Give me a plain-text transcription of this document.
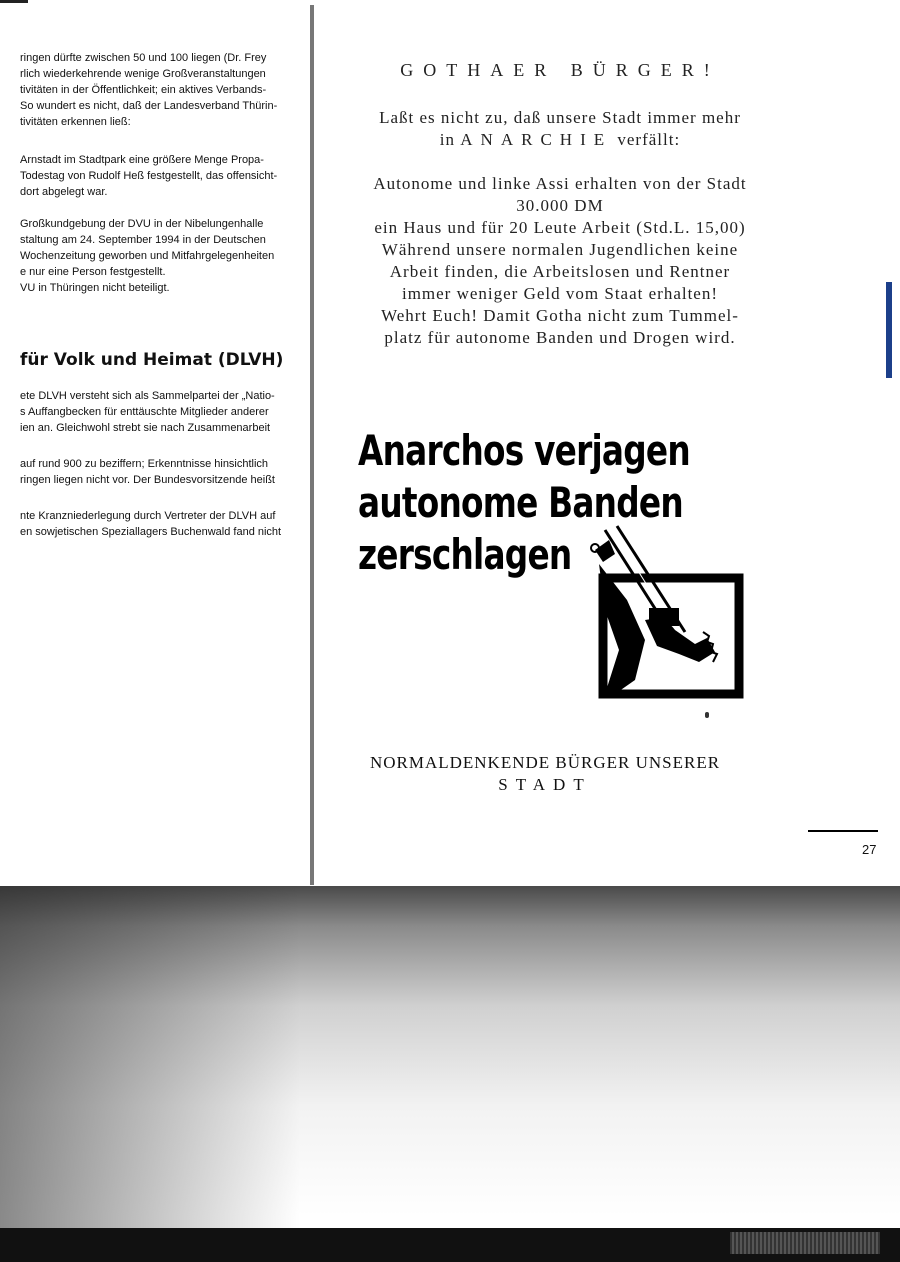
ringen dürfte zwischen 50 und 100 liegen (Dr. Frey
rlich wiederkehrende wenige Großveranstaltungen
tivitäten in der Öffentlichkeit; ein aktives Verbands-
So wundert es nicht, daß der Landesverband Thürin-
tivitäten erkennen ließ:

Arnstadt im Stadtpark eine größere Menge Propa-
Todestag von Rudolf Heß festgestellt, das offensicht-
dort abgelegt war.

Großkundgebung der DVU in der Nibelungenhalle
staltung am 24. September 1994 in der Deutschen
Wochenzeitung geworben und Mitfahrgelegenheiten
e nur eine Person festgestellt.
VU in Thüringen nicht beteiligt.

für Volk und Heimat (DLVH)

ete DLVH versteht sich als Sammelpartei der „Natio-
s Auffangbecken für enttäuschte Mitglieder anderer
ien an. Gleichwohl strebt sie nach Zusammenarbeit

auf rund 900 zu beziffern; Erkenntnisse hinsichtlich
ringen liegen nicht vor. Der Bundesvorsitzende heißt

nte Kranzniederlegung durch Vertreter der DLVH auf
en sowjetischen Speziallagers Buchenwald fand nicht

GOTHAER BÜRGER!
Laßt es nicht zu, daß unsere Stadt immer mehr
in ANARCHIE verfällt:
Autonome und linke Assi erhalten von der Stadt
30.000 DM
ein Haus und für 20 Leute Arbeit (Std.L. 15,00)
Während unsere normalen Jugendlichen keine
Arbeit finden, die Arbeitslosen und Rentner
immer weniger Geld vom Staat erhalten!
Wehrt Euch! Damit Gotha nicht zum Tummel-
platz für autonome Banden und Drogen wird.
Anarchos verjagen
autonome Banden
zerschlagen
NORMALDENKENDE BÜRGER UNSERER
STADT
27
